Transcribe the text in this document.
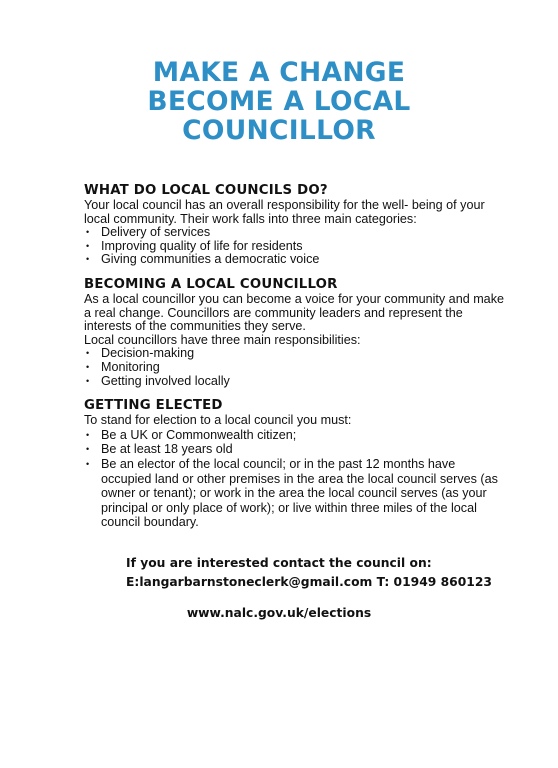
MAKE A CHANGE
BECOME A LOCAL
COUNCILLOR
WHAT DO LOCAL COUNCILS DO?

Your local council has an overall responsibility for the well- being of your local community. Their work falls into three main categories:

• Delivery of services
• Improving quality of life for residents
• Giving communities a democratic voice
BECOMING A LOCAL COUNCILLOR

As a local councillor you can become a voice for your community and make a real change. Councillors are community leaders and represent the interests of the communities they serve.

Local councillors have three main responsibilities:

• Decision-making
• Monitoring
• Getting involved locally
GETTING ELECTED

To stand for election to a local council you must:

• Be a UK or Commonwealth citizen;
• Be at least 18 years old
• Be an elector of the local council; or in the past 12 months have occupied land or other premises in the area the local council serves (as owner or tenant); or work in the area the local council serves (as your principal or only place of work); or live within three miles of the local council boundary.
If you are interested contact the council on:
E:langarbarnstoneclerk@gmail.com T: 01949 860123
www.nalc.gov.uk/elections
